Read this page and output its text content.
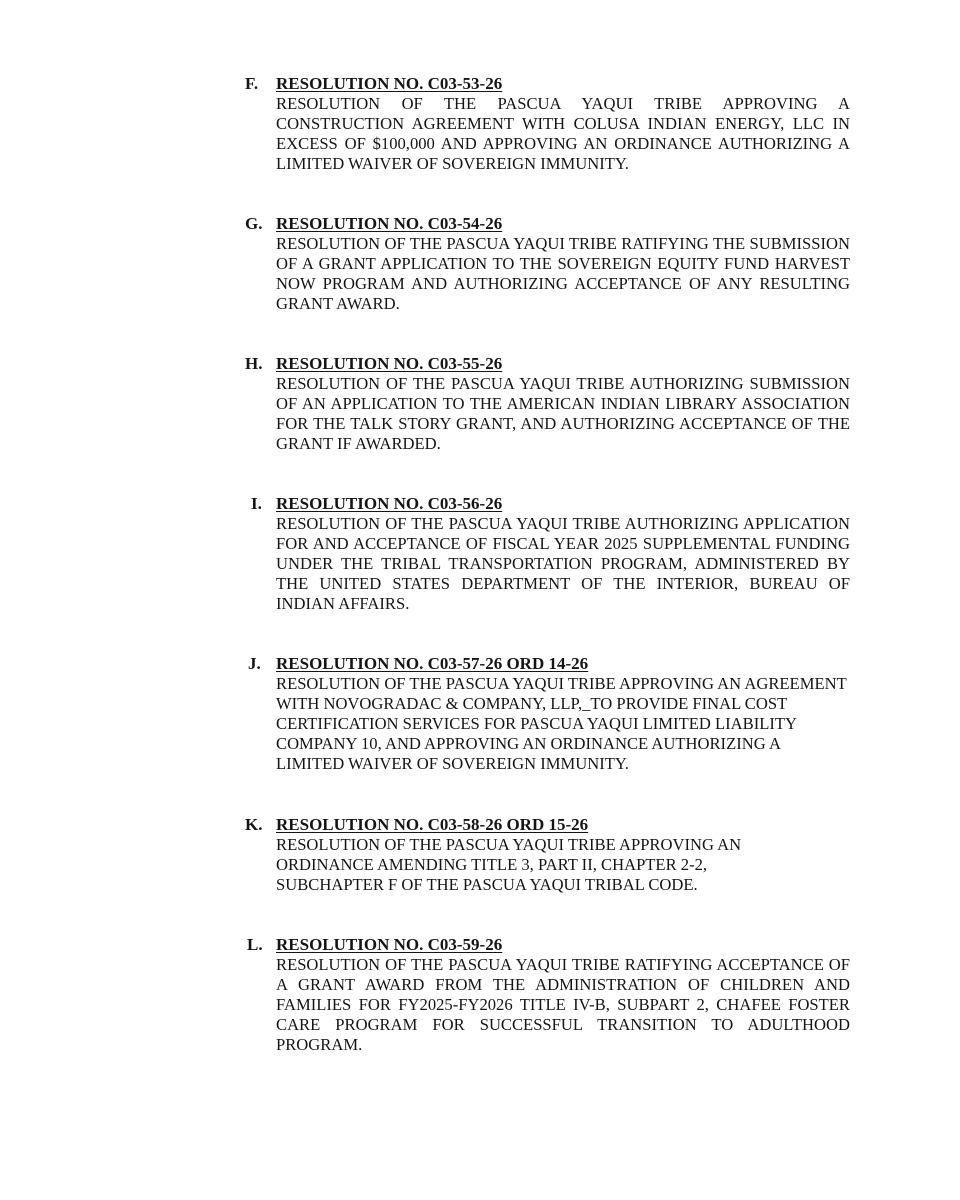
F.	RESOLUTION NO. C03-53-26
RESOLUTION OF THE PASCUA YAQUI TRIBE APPROVING A CONSTRUCTION AGREEMENT WITH COLUSA INDIAN ENERGY, LLC IN EXCESS OF $100,000 AND APPROVING AN ORDINANCE AUTHORIZING A LIMITED WAIVER OF SOVEREIGN IMMUNITY.
G. RESOLUTION NO. C03-54-26
RESOLUTION OF THE PASCUA YAQUI TRIBE RATIFYING THE SUBMISSION OF A GRANT APPLICATION TO THE SOVEREIGN EQUITY FUND HARVEST NOW PROGRAM AND AUTHORIZING ACCEPTANCE OF ANY RESULTING GRANT AWARD.
H. RESOLUTION NO. C03-55-26
RESOLUTION OF THE PASCUA YAQUI TRIBE AUTHORIZING SUBMISSION OF AN APPLICATION TO THE AMERICAN INDIAN LIBRARY ASSOCIATION FOR THE TALK STORY GRANT, AND AUTHORIZING ACCEPTANCE OF THE GRANT IF AWARDED.
I. RESOLUTION NO. C03-56-26
RESOLUTION OF THE PASCUA YAQUI TRIBE AUTHORIZING APPLICATION FOR AND ACCEPTANCE OF FISCAL YEAR 2025 SUPPLEMENTAL FUNDING UNDER THE TRIBAL TRANSPORTATION PROGRAM, ADMINISTERED BY THE UNITED STATES DEPARTMENT OF THE INTERIOR, BUREAU OF INDIAN AFFAIRS.
J. RESOLUTION NO. C03-57-26 ORD 14-26
RESOLUTION OF THE PASCUA YAQUI TRIBE APPROVING AN AGREEMENT WITH NOVOGRADAC & COMPANY, LLP,_TO PROVIDE FINAL COST CERTIFICATION SERVICES FOR PASCUA YAQUI LIMITED LIABILITY COMPANY 10, AND APPROVING AN ORDINANCE AUTHORIZING A LIMITED WAIVER OF SOVEREIGN IMMUNITY.
K. RESOLUTION NO. C03-58-26 ORD 15-26
RESOLUTION OF THE PASCUA YAQUI TRIBE APPROVING AN ORDINANCE AMENDING TITLE 3, PART II, CHAPTER 2-2, SUBCHAPTER F OF THE PASCUA YAQUI TRIBAL CODE.
L. RESOLUTION NO. C03-59-26
RESOLUTION OF THE PASCUA YAQUI TRIBE RATIFYING ACCEPTANCE OF A GRANT AWARD FROM THE ADMINISTRATION OF CHILDREN AND FAMILIES FOR FY2025-FY2026 TITLE IV-B, SUBPART 2, CHAFEE FOSTER CARE PROGRAM FOR SUCCESSFUL TRANSITION TO ADULTHOOD PROGRAM.
